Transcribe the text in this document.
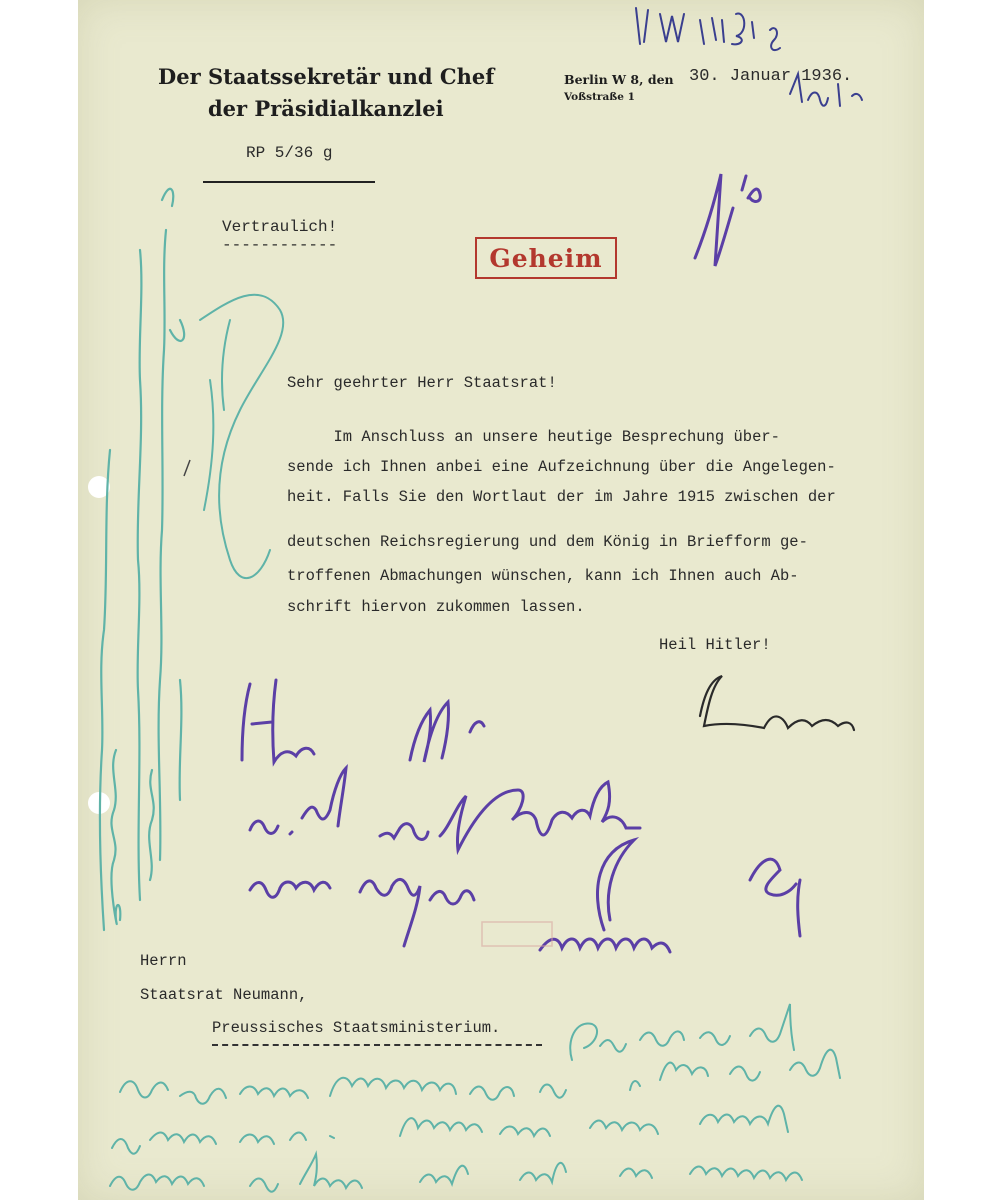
Der Staatssekretär und Chef
der Präsidialkanzlei
RP 5/36 g
Berlin W 8, den
Voßstraße 1
30. Januar 1936.
Vertraulich!
------------	Geheim
Sehr geehrter Herr Staatsrat!
Im Anschluss an unsere heutige Besprechung über-
sende ich Ihnen anbei eine Aufzeichnung über die Angelegen-
heit. Falls Sie den Wortlaut der im Jahre 1915 zwischen der
deutschen Reichsregierung und dem König in Briefform ge-
troffenen Abmachungen wünschen, kann ich Ihnen auch Ab-
schrift hiervon zukommen lassen.
Heil Hitler!
Herrn
Staatsrat Neumann,
Preussisches Staatsministerium.
